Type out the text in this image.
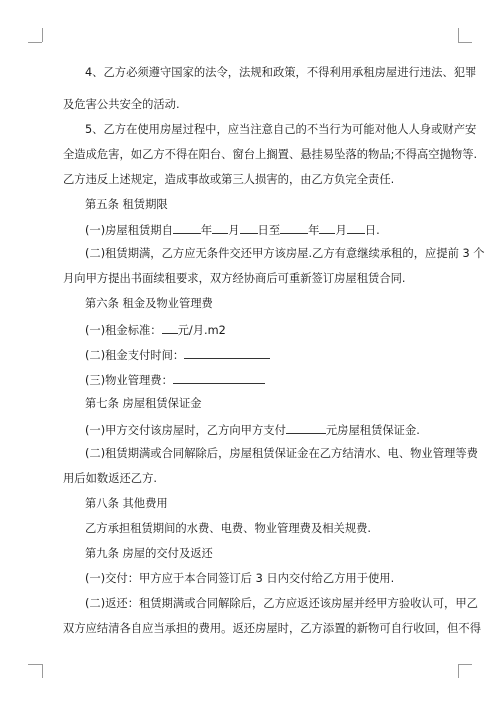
4、乙方必须遵守国家的法令，法规和政策，不得利用承租房屋进行违法、犯罪
及危害公共安全的活动.
5、乙方在使用房屋过程中，应当注意自己的不当行为可能对他人人身或财产安
全造成危害，如乙方不得在阳台、窗台上搁置、悬挂易坠落的物品;不得高空抛物等.
乙方违反上述规定，造成事故或第三人损害的，由乙方负完全责任.
第五条 租赁期限
(一)房屋租赁期自 年 月 日至 年 月 日.
(二)租赁期满，乙方应无条件交还甲方该房屋.乙方有意继续承租的，应提前 3 个
月向甲方提出书面续租要求，双方经协商后可重新签订房屋租赁合同.
第六条 租金及物业管理费
(一)租金标准： 元/月.m2
(二)租金支付时间：
(三)物业管理费：
第七条 房屋租赁保证金
(一)甲方交付该房屋时，乙方向甲方支付	元房屋租赁保证金.
(二)租赁期满或合同解除后，房屋租赁保证金在乙方结清水、电、物业管理等费
用后如数返还乙方.
第八条 其他费用
乙方承担租赁期间的水费、电费、物业管理费及相关规费.
第九条 房屋的交付及返还
(一)交付：甲方应于本合同签订后 3 日内交付给乙方用于使用.
(二)返还：租赁期满或合同解除后，乙方应返还该房屋并经甲方验收认可，甲乙
双方应结清各自应当承担的费用。返还房屋时，乙方添置的新物可自行收回，但不得
